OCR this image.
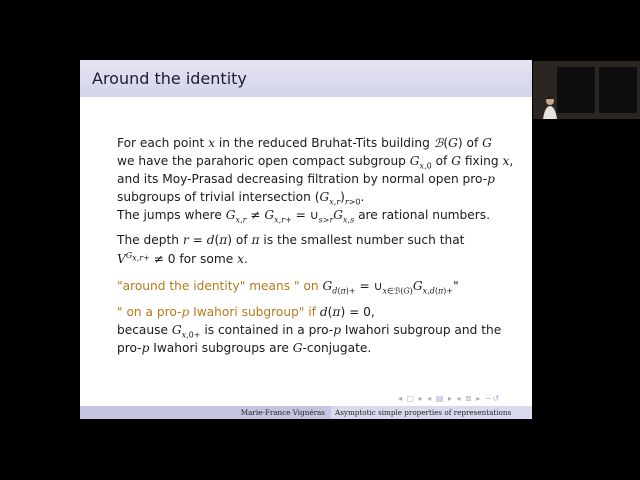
Around the identity
For each point x in the reduced Bruhat-Tits building ℬ(G) of G
we have the parahoric open compact subgroup $G_{x,0}$ of G fixing x,
and its Moy-Prasad decreasing filtration by normal open pro-p
subgroups of trivial intersection $(G_{x,r})_{r>0}$.
The jumps where $G_{x,r} \ne G_{x,r+}$ = $\cup_{s>r}G_{x,s}$ are rational numbers.
The depth r = d(π) of π is the smallest number such that
$V^{G_{x,r+}} \ne 0$ for some x.
"around the identity" means " on $G_{d(\pi)+}$ = $\cup_{x\in ℬ(G)}G_{x,d(\pi)+}$"
" on a pro-p Iwahori subgroup" if d(π) = 0,
because $G_{x,0+}$ is contained in a pro-p Iwahori subgroup and the
pro-p Iwahori subgroups are G-conjugate.
◂ ▢ ▸ ◂ ▤ ▸ ◂ ≣ ▸ ∽↺
Marie-France Vignéras	Asymptotic simple properties of representations
